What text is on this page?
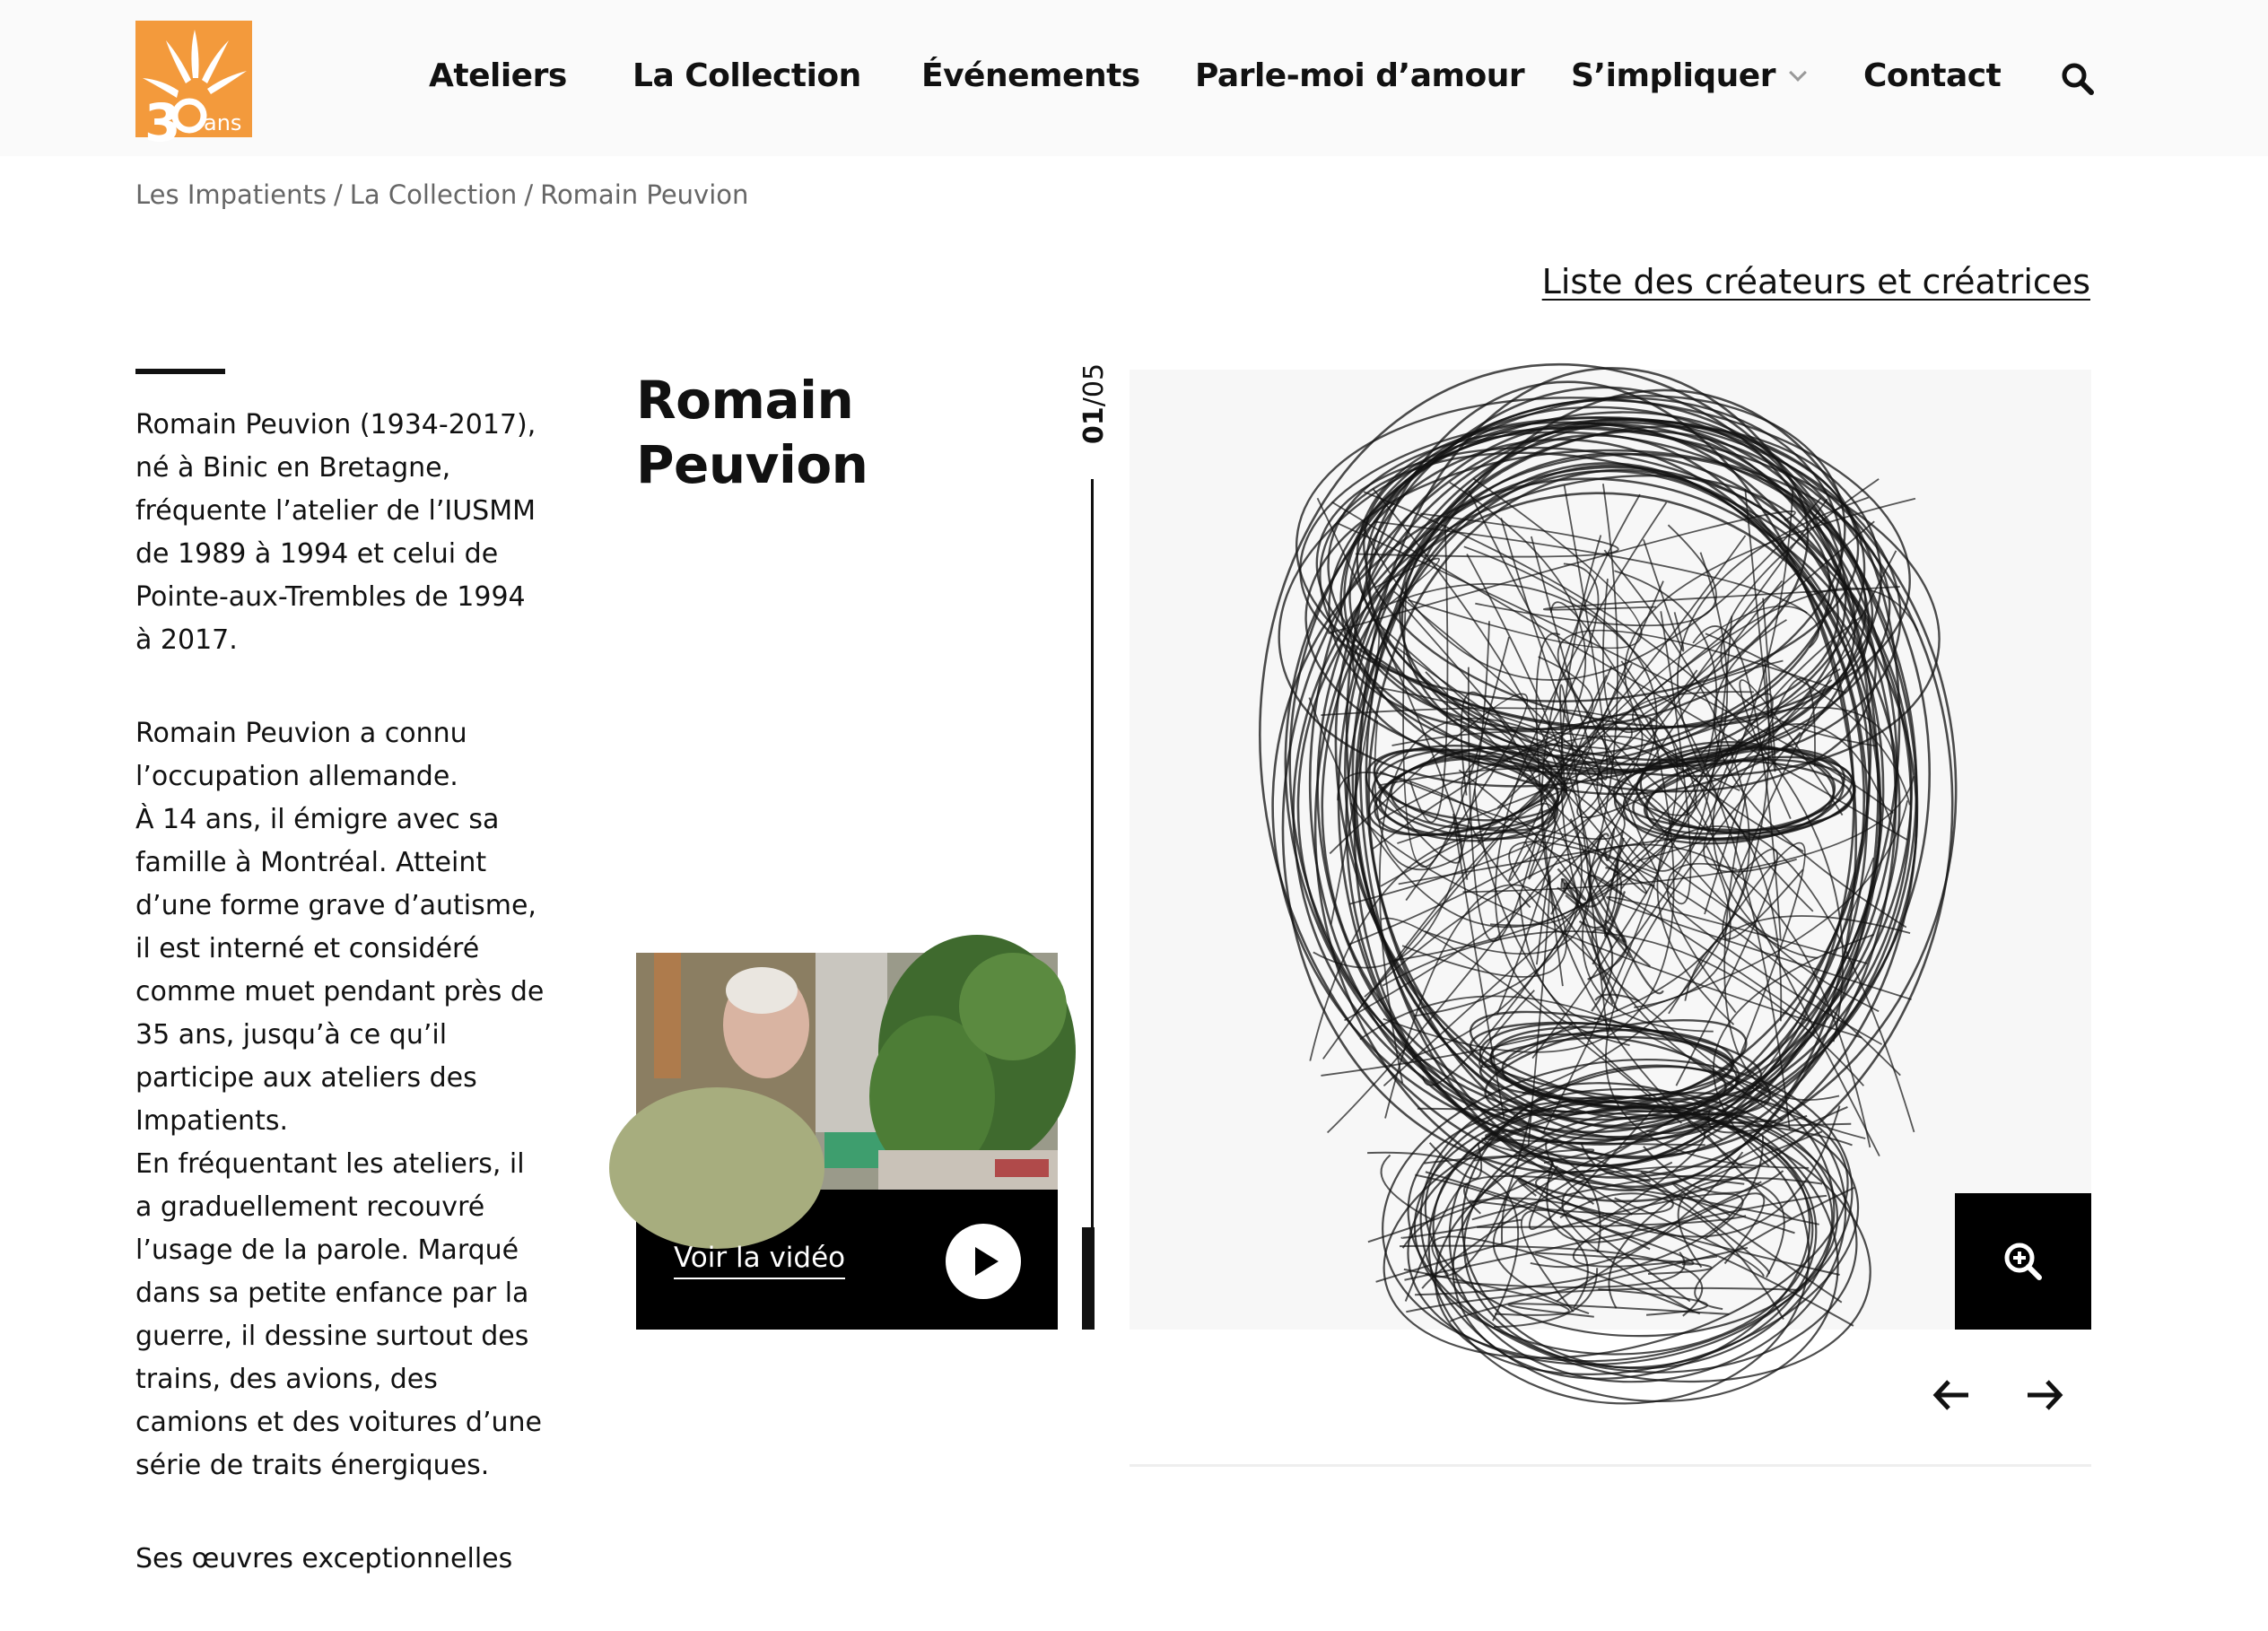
3 ans
Ateliers La Collection Événements Parle-moi d’amour S’impliquer	Contact
Les Impatients / La Collection / Romain Peuvion
Liste des créateurs et créatrices

Romain Peuvion (1934-2017), né à Binic en Bretagne, fréquente l’atelier de l’IUSMM de 1989 à 1994 et celui de Pointe-aux-Trembles de 1994 à 2017.

Romain Peuvion a connu l’occupation allemande.

À 14 ans, il émigre avec sa famille à Montréal. Atteint d’une forme grave d’autisme, il est interné et considéré comme muet pendant près de 35 ans, jusqu’à ce qu’il participe aux ateliers des Impatients.

En fréquentant les ateliers, il a graduellement recouvré l’usage de la parole. Marqué dans sa petite enfance par la guerre, il dessine surtout des trains, des avions, des camions et des voitures d’une série de traits énergiques.

Ses œuvres exceptionnelles

Romain
Peuvion
Voir la vidéo
01/05
